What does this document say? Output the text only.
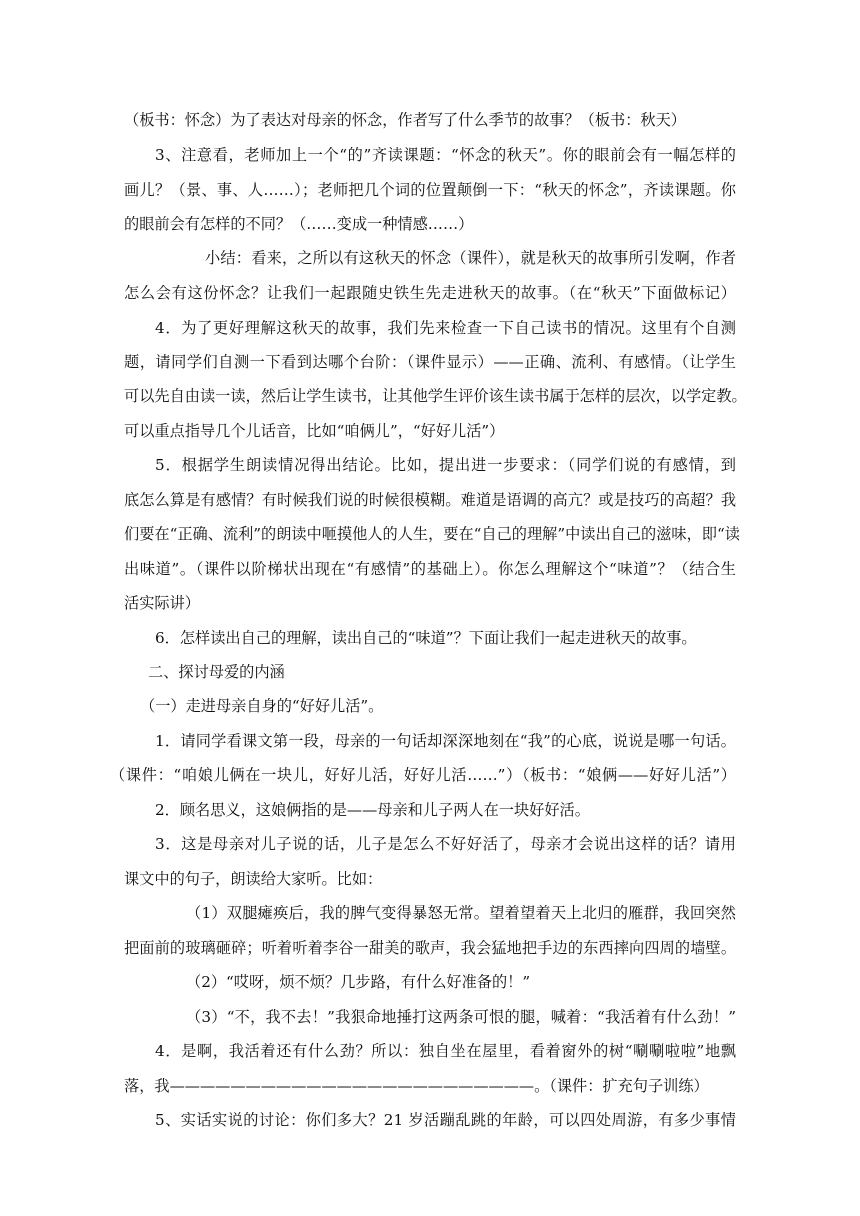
（板书：怀念）为了表达对母亲的怀念，作者写了什么季节的故事？（板书：秋天）
3、注意看，老师加上一个“的”齐读课题：“怀念的秋天”。你的眼前会有一幅怎样的
画儿？（景、事、人……）；老师把几个词的位置颠倒一下：“秋天的怀念”，齐读课题。你
的眼前会有怎样的不同？（……变成一种情感……）
小结：看来，之所以有这秋天的怀念（课件），就是秋天的故事所引发啊，作者
怎么会有这份怀念？让我们一起跟随史铁生先走进秋天的故事。（在“秋天”下面做标记）
4．为了更好理解这秋天的故事，我们先来检查一下自己读书的情况。这里有个自测
题，请同学们自测一下看到达哪个台阶：（课件显示）——正确、流利、有感情。（让学生
可以先自由读一读，然后让学生读书，让其他学生评价该生读书属于怎样的层次，以学定教。
可以重点指导几个儿话音，比如“咱俩儿”，“好好儿活”）
5．根据学生朗读情况得出结论。比如，提出进一步要求：（同学们说的有感情，到
底怎么算是有感情？有时候我们说的时候很模糊。难道是语调的高亢？或是技巧的高超？我
们要在“正确、流利”的朗读中咂摸他人的人生，要在“自己的理解”中读出自己的滋味，即“读
出味道”。（课件以阶梯状出现在“有感情”的基础上）。你怎么理解这个“味道”？（结合生
活实际讲）
6．怎样读出自己的理解，读出自己的“味道”？下面让我们一起走进秋天的故事。
二、探讨母爱的内涵
（一）走进母亲自身的“好好儿活”。
1．请同学看课文第一段，母亲的一句话却深深地刻在“我”的心底，说说是哪一句话。
（课件：“咱娘儿俩在一块儿，好好儿活，好好儿活……”）（板书：“娘俩——好好儿活”）
2．顾名思义，这娘俩指的是——母亲和儿子两人在一块好好活。
3．这是母亲对儿子说的话，儿子是怎么不好好活了，母亲才会说出这样的话？请用
课文中的句子，朗读给大家听。比如：
（1）双腿瘫痪后，我的脾气变得暴怒无常。望着望着天上北归的雁群，我回突然
把面前的玻璃砸碎；听着听着李谷一甜美的歌声，我会猛地把手边的东西摔向四周的墙壁。
（2）“哎呀，烦不烦？几步路，有什么好准备的！”
（3）“不，我不去！”我狠命地捶打这两条可恨的腿，喊着：“我活着有什么劲！”
4．是啊，我活着还有什么劲？所以：独自坐在屋里，看着窗外的树“唰唰啦啦”地飘
落，我————————————————————————。（课件：扩充句子训练）
5、实话实说的讨论：你们多大？21 岁活蹦乱跳的年龄，可以四处周游，有多少事情
